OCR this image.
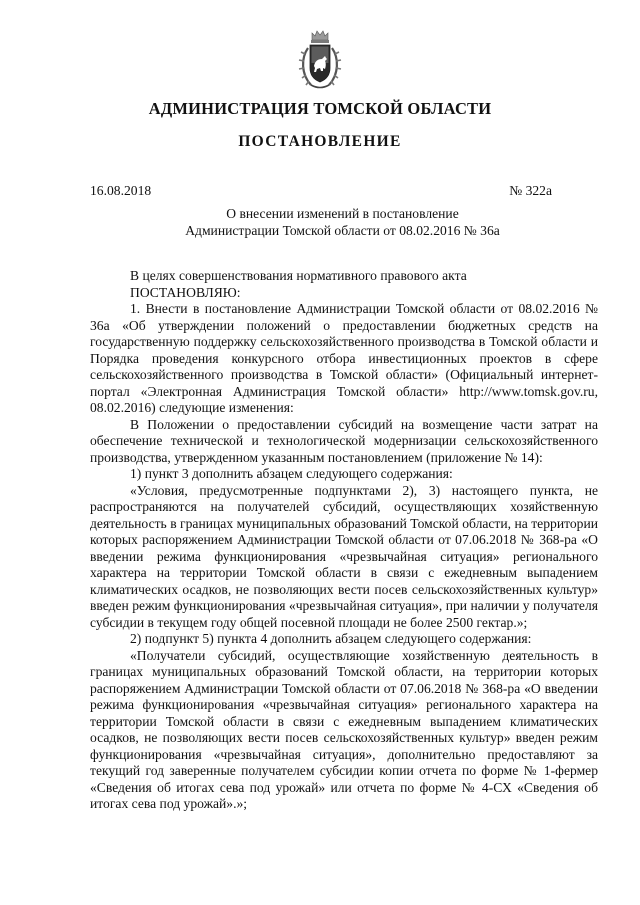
АДМИНИСТРАЦИЯ ТОМСКОЙ ОБЛАСТИ
ПОСТАНОВЛЕНИЕ
16.08.2018	№ 322а
О внесении изменений в постановление
Администрации Томской области от 08.02.2016 № 36а

В целях совершенствования нормативного правового акта

ПОСТАНОВЛЯЮ:

1. Внести в постановление Администрации Томской области от 08.02.2016 № 36а «Об утверждении положений о предоставлении бюджетных средств на государственную поддержку сельскохозяйственного производства в Томской области и Порядка проведения конкурсного отбора инвестиционных проектов в сфере сельскохозяйственного производства в Томской области» (Официальный интернет-портал «Электронная Администрация Томской области» http://www.tomsk.gov.ru, 08.02.2016) следующие изменения:

В Положении о предоставлении субсидий на возмещение части затрат на обеспечение технической и технологической модернизации сельскохозяйственного производства, утвержденном указанным постановлением (приложение № 14):

1) пункт 3 дополнить абзацем следующего содержания:

«Условия, предусмотренные подпунктами 2), 3) настоящего пункта, не распространяются на получателей субсидий, осуществляющих хозяйственную деятельность в границах муниципальных образований Томской области, на территории которых распоряжением Администрации Томской области от 07.06.2018 № 368-ра «О введении режима функционирования «чрезвычайная ситуация» регионального характера на территории Томской области в связи с ежедневным выпадением климатических осадков, не позволяющих вести посев сельскохозяйственных культур» введен режим функционирования «чрезвычайная ситуация», при наличии у получателя субсидии в текущем году общей посевной площади не более 2500 гектар.»;

2) подпункт 5) пункта 4 дополнить абзацем следующего содержания:

«Получатели субсидий, осуществляющие хозяйственную деятельность в границах муниципальных образований Томской области, на территории которых распоряжением Администрации Томской области от 07.06.2018 № 368-ра «О введении режима функционирования «чрезвычайная ситуация» регионального характера на территории Томской области в связи с ежедневным выпадением климатических осадков, не позволяющих вести посев сельскохозяйственных культур» введен режим функционирования «чрезвычайная ситуация», дополнительно предоставляют за текущий год заверенные получателем субсидии копии отчета по форме № 1-фермер «Сведения об итогах сева под урожай» или отчета по форме № 4-СХ «Сведения об итогах сева под урожай».»;
